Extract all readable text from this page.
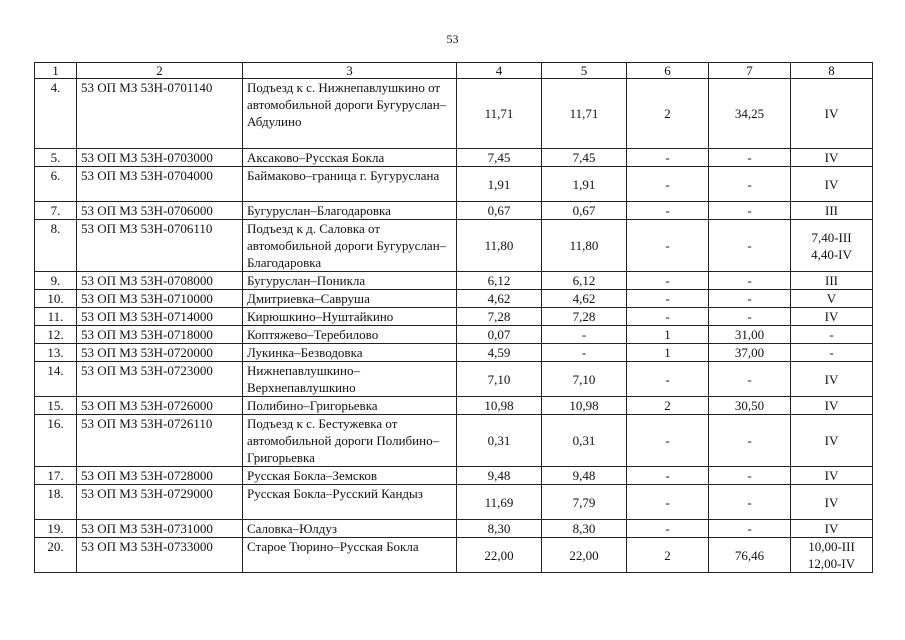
53
1	2	3	4	5	6	7	8
4.	53 ОП МЗ 53Н-0701140	Подъезд к с. Нижнепавлушкино от автомобильной дороги Бугуруслан–Абдулино	11,71	11,71	2	34,25	IV

5.	53 ОП МЗ 53Н-0703000	Аксаково–Русская Бокла	7,45	7,45	-	-	IV

6.	53 ОП МЗ 53Н-0704000	Баймаково–граница г. Бугуруслана	1,91	1,91	-	-	IV

7.	53 ОП МЗ 53Н-0706000	Бугуруслан–Благодаровка	0,67	0,67	-	-	III

8.	53 ОП МЗ 53Н-0706110	Подъезд к д. Саловка от автомобильной дороги Бугуруслан–Благодаровка	11,80	11,80	-	-	7,40-III
4,40-IV

9.	53 ОП МЗ 53Н-0708000	Бугуруслан–Поникла	6,12	6,12	-	-	III

10.	53 ОП МЗ 53Н-0710000	Дмитриевка–Савруша	4,62	4,62	-	-	V

11.	53 ОП МЗ 53Н-0714000	Кирюшкино–Нуштайкино	7,28	7,28	-	-	IV

12.	53 ОП МЗ 53Н-0718000	Коптяжево–Теребилово	0,07	-	1	31,00	-

13.	53 ОП МЗ 53Н-0720000	Лукинка–Безводовка	4,59	-	1	37,00	-

14.	53 ОП МЗ 53Н-0723000	Нижнепавлушкино–Верхнепавлушкино	7,10	7,10	-	-	IV

15.	53 ОП МЗ 53Н-0726000	Полибино–Григорьевка	10,98	10,98	2	30,50	IV

16.	53 ОП МЗ 53Н-0726110	Подъезд к с. Бестужевка от автомобильной дороги Полибино–Григорьевка	0,31	0,31	-	-	IV

17.	53 ОП МЗ 53Н-0728000	Русская Бокла–Земсков	9,48	9,48	-	-	IV

18.	53 ОП МЗ 53Н-0729000	Русская Бокла–Русский Кандыз	11,69	7,79	-	-	IV

19.	53 ОП МЗ 53Н-0731000	Саловка–Юлдуз	8,30	8,30	-	-	IV

20.	53 ОП МЗ 53Н-0733000	Старое Тюрино–Русская Бокла	22,00	22,00	2	76,46	10,00-III
12,00-IV
